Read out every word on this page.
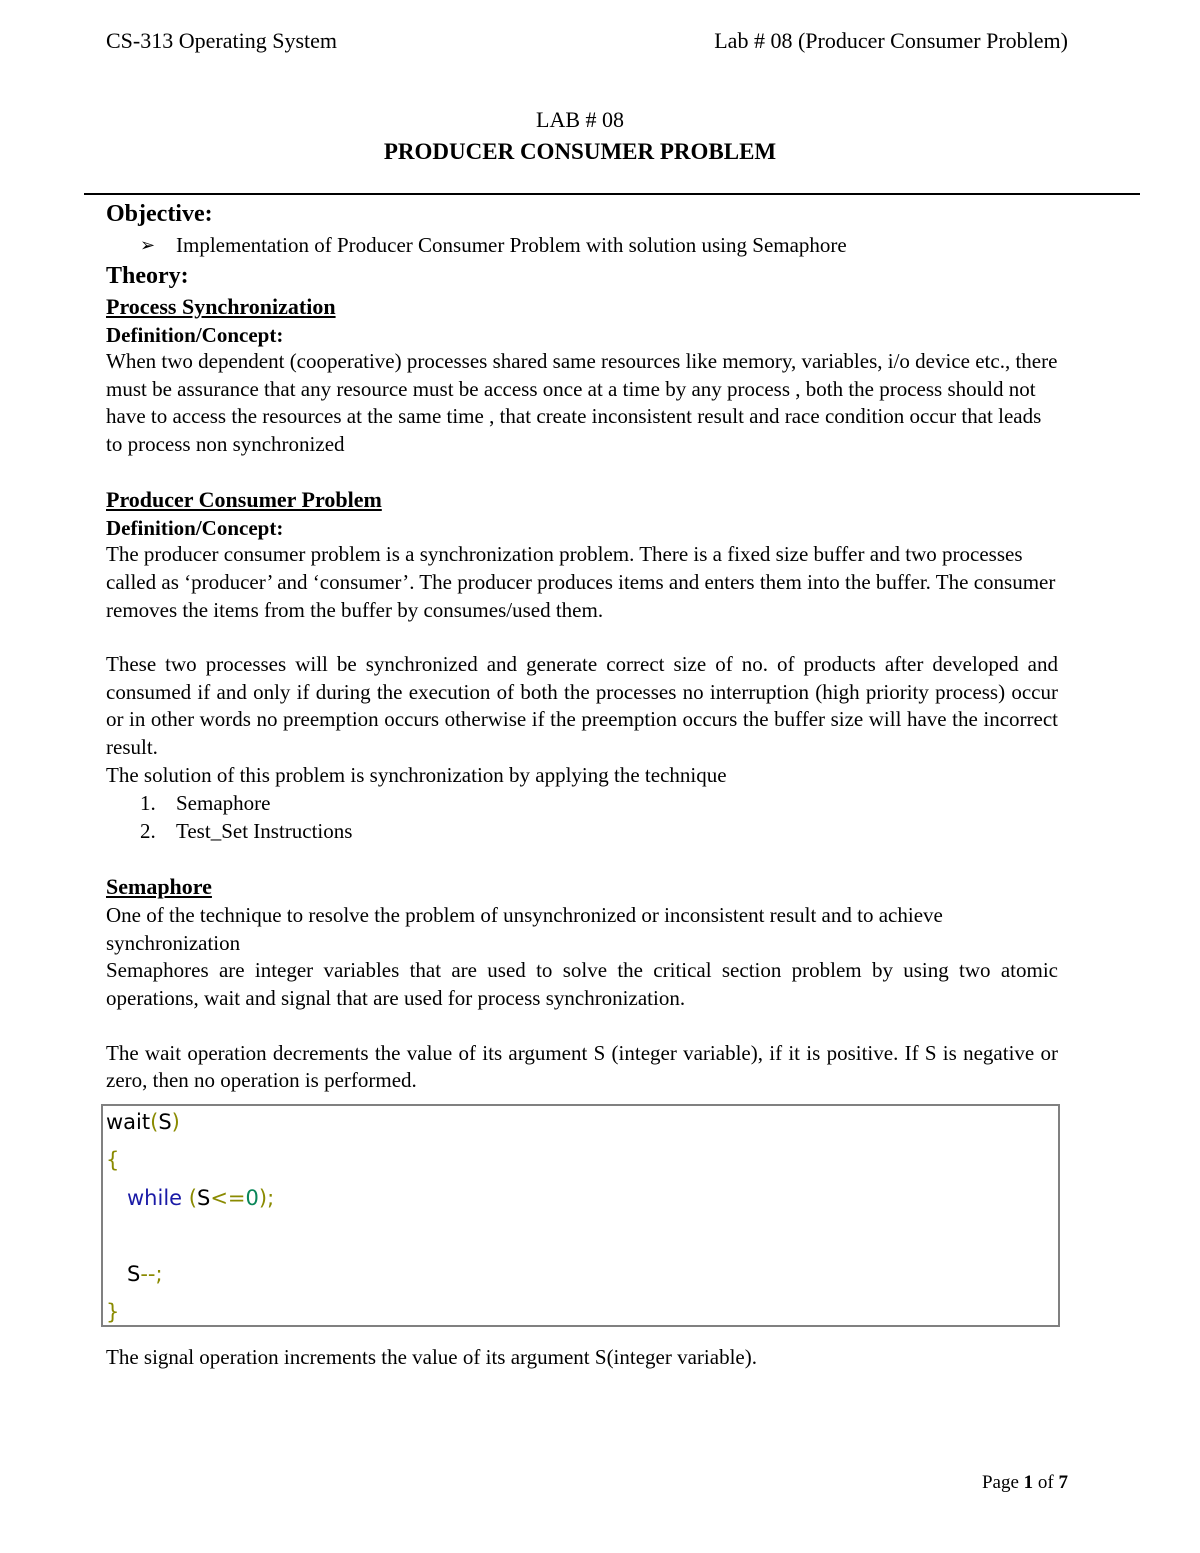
CS-313 Operating System	Lab # 08 (Producer Consumer Problem)
LAB # 08
PRODUCER CONSUMER PROBLEM
Objective:
➢ Implementation of Producer Consumer Problem with solution using Semaphore
Theory:
Process Synchronization
Definition/Concept:
When two dependent (cooperative) processes shared same resources like memory, variables, i/o device etc., there must be assurance that any resource must be access once at a time by any process , both the process should not have to access the resources at the same time , that create inconsistent result and race condition occur that leads to process non synchronized
Producer Consumer Problem
Definition/Concept:
The producer consumer problem is a synchronization problem. There is a fixed size buffer and two processes called as ‘producer’ and ‘consumer’. The producer produces items and enters them into the buffer. The consumer removes the items from the buffer by consumes/used them.
These two processes will be synchronized and generate correct size of no. of products after developed and consumed if and only if during the execution of both the processes no interruption (high priority process) occur or in other words no preemption occurs otherwise if the preemption occurs the buffer size will have the incorrect result.
The solution of this problem is synchronization by applying the technique
1. Semaphore
2. Test_Set Instructions
Semaphore
One of the technique to resolve the problem of unsynchronized or inconsistent result and to achieve synchronization
Semaphores are integer variables that are used to solve the critical section problem by using two atomic operations, wait and signal that are used for process synchronization.
The wait operation decrements the value of its argument S (integer variable), if it is positive. If S is negative or zero, then no operation is performed.
wait(S)
{
while (S<=0);
S--;
}
The signal operation increments the value of its argument S(integer variable).
Page 1 of 7
